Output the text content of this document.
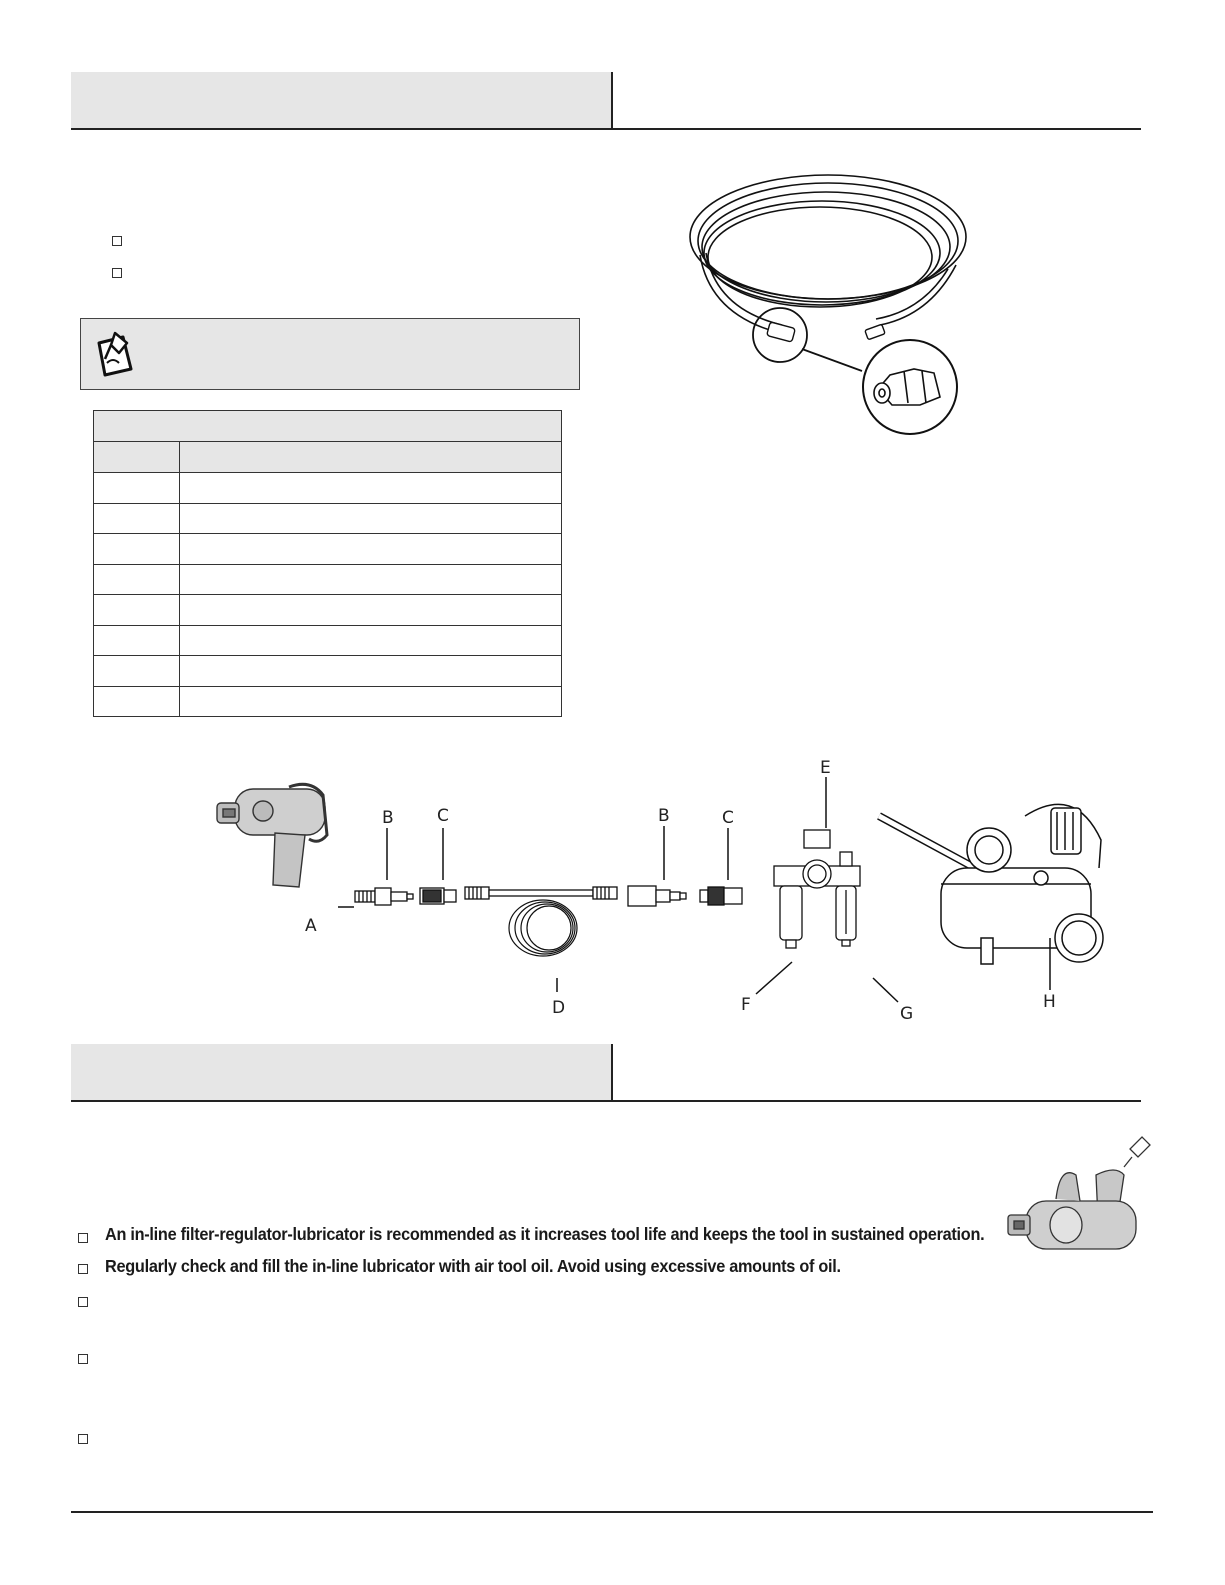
A
B	C	B	C
D
E
F	G
H
An in-line filter-regulator-lubricator is recommended as it increases tool life and keeps the tool in sustained operation.
Regularly check and fill the in-line lubricator with air tool oil. Avoid using excessive amounts of oil.
